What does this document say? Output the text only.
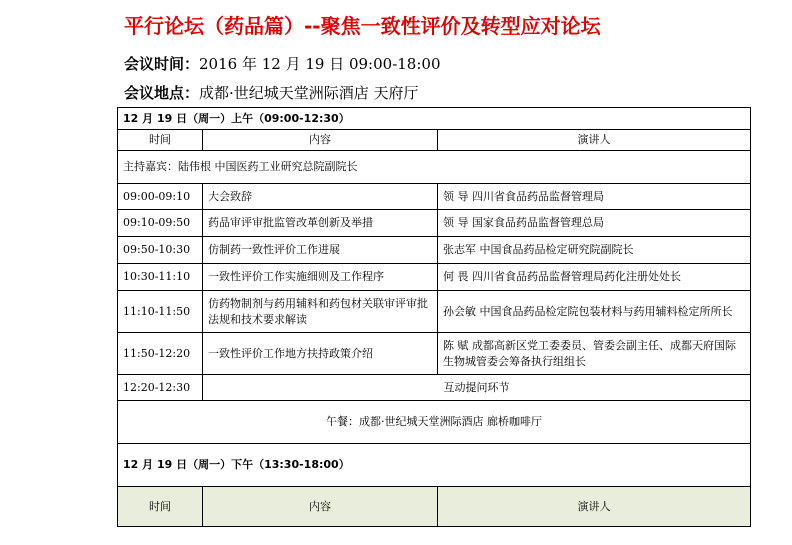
平行论坛（药品篇）--聚焦一致性评价及转型应对论坛
会议时间：2016 年 12 月 19 日 09:00-18:00
会议地点：成都·世纪城天堂洲际酒店 天府厅
12 月 19 日（周一）上午（09:00-12:30）		
时间	内容	演讲人
主持嘉宾：陆伟根 中国医药工业研究总院副院长		
09:00-09:10	大会致辞	领 导 四川省食品药品监督管理局
09:10-09:50	药品审评审批监管改革创新及举措	领 导 国家食品药品监督管理总局
09:50-10:30	仿制药一致性评价工作进展	张志军 中国食品药品检定研究院副院长
10:30-11:10	一致性评价工作实施细则及工作程序	何 畏 四川省食品药品监督管理局药化注册处处长
11:10-11:50	仿药物制剂与药用辅料和药包材关联审评审批法规和技术要求解读	孙会敏 中国食品药品检定院包装材料与药用辅料检定所所长
11:50-12:20	一致性评价工作地方扶持政策介绍	陈 赋 成都高新区党工委委员、管委会副主任、成都天府国际生物城管委会筹备执行组组长
12:20-12:30	互动提问环节	
午餐：成都·世纪城天堂洲际酒店 廊桥咖啡厅		
12 月 19 日（周一）下午（13:30-18:00）		
时间	内容	演讲人
